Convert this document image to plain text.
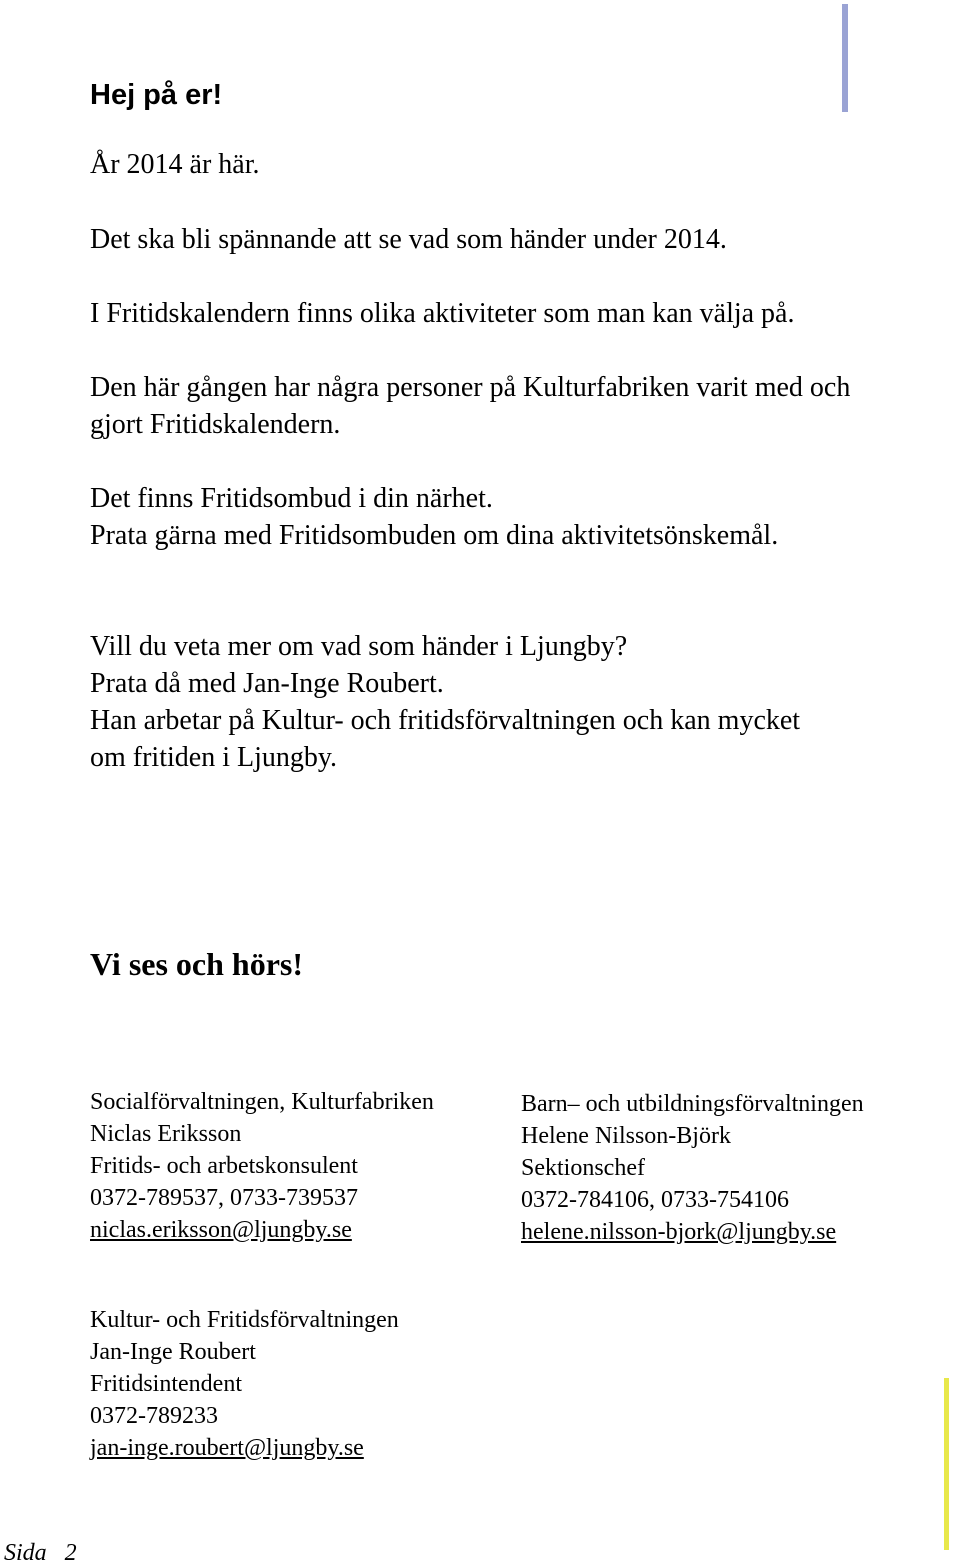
Hej på er!

År 2014 är här.

Det ska bli spännande att se vad som händer under 2014.

I Fritidskalendern finns olika aktiviteter som man kan välja på.

Den här gången har några personer på Kulturfabriken varit med och
gjort Fritidskalendern.

Det finns Fritidsombud i din närhet.
Prata gärna med Fritidsombuden om dina aktivitetsönskemål.

Vill du veta mer om vad som händer i Ljungby?
Prata då med Jan-Inge Roubert.
Han arbetar på Kultur- och fritidsförvaltningen och kan mycket
om fritiden i Ljungby.

Vi ses och hörs!
Socialförvaltningen, Kulturfabriken
Niclas Eriksson
Fritids- och arbetskonsulent
0372-789537, 0733-739537
niclas.eriksson@ljungby.se
Barn– och utbildningsförvaltningen
Helene Nilsson-Björk
Sektionschef
0372-784106, 0733-754106
helene.nilsson-bjork@ljungby.se
Kultur- och Fritidsförvaltningen
Jan-Inge Roubert
Fritidsintendent
0372-789233
jan-inge.roubert@ljungby.se
Sida 2
